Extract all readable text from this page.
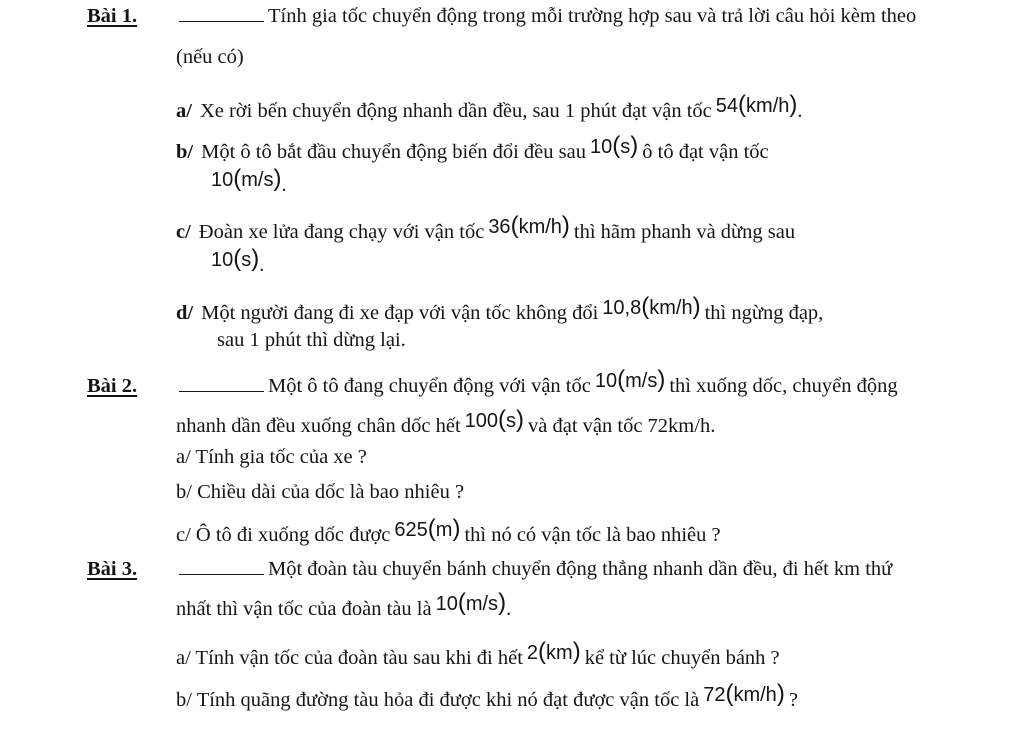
Bài 1.	Tính gia tốc chuyển động trong mỗi trường hợp sau và trả lời câu hỏi kèm theo
(nếu có)
a/ Xe rời bến chuyển động nhanh dần đều, sau 1 phút đạt vận tốc 54(km/h).
b/ Một ô tô bắt đầu chuyển động biến đổi đều sau 10(s) ô tô đạt vận tốc
10(m/s).
c/ Đoàn xe lửa đang chạy với vận tốc 36(km/h) thì hãm phanh và dừng sau
10(s).
d/ Một người đang đi xe đạp với vận tốc không đổi 10,8(km/h) thì ngừng đạp,
sau 1 phút thì dừng lại.
Bài 2.	Một ô tô đang chuyển động với vận tốc 10(m/s) thì xuống dốc, chuyển động
nhanh dần đều xuống chân dốc hết 100(s) và đạt vận tốc 72km/h.
a/ Tính gia tốc của xe ?
b/ Chiều dài của dốc là bao nhiêu ?
c/ Ô tô đi xuống dốc được 625(m) thì nó có vận tốc là bao nhiêu ?
Bài 3.	Một đoàn tàu chuyển bánh chuyển động thẳng nhanh dần đều, đi hết km thứ
nhất thì vận tốc của đoàn tàu là 10(m/s).
a/ Tính vận tốc của đoàn tàu sau khi đi hết 2(km) kể từ lúc chuyển bánh ?
b/ Tính quãng đường tàu hỏa đi được khi nó đạt được vận tốc là 72(km/h) ?
